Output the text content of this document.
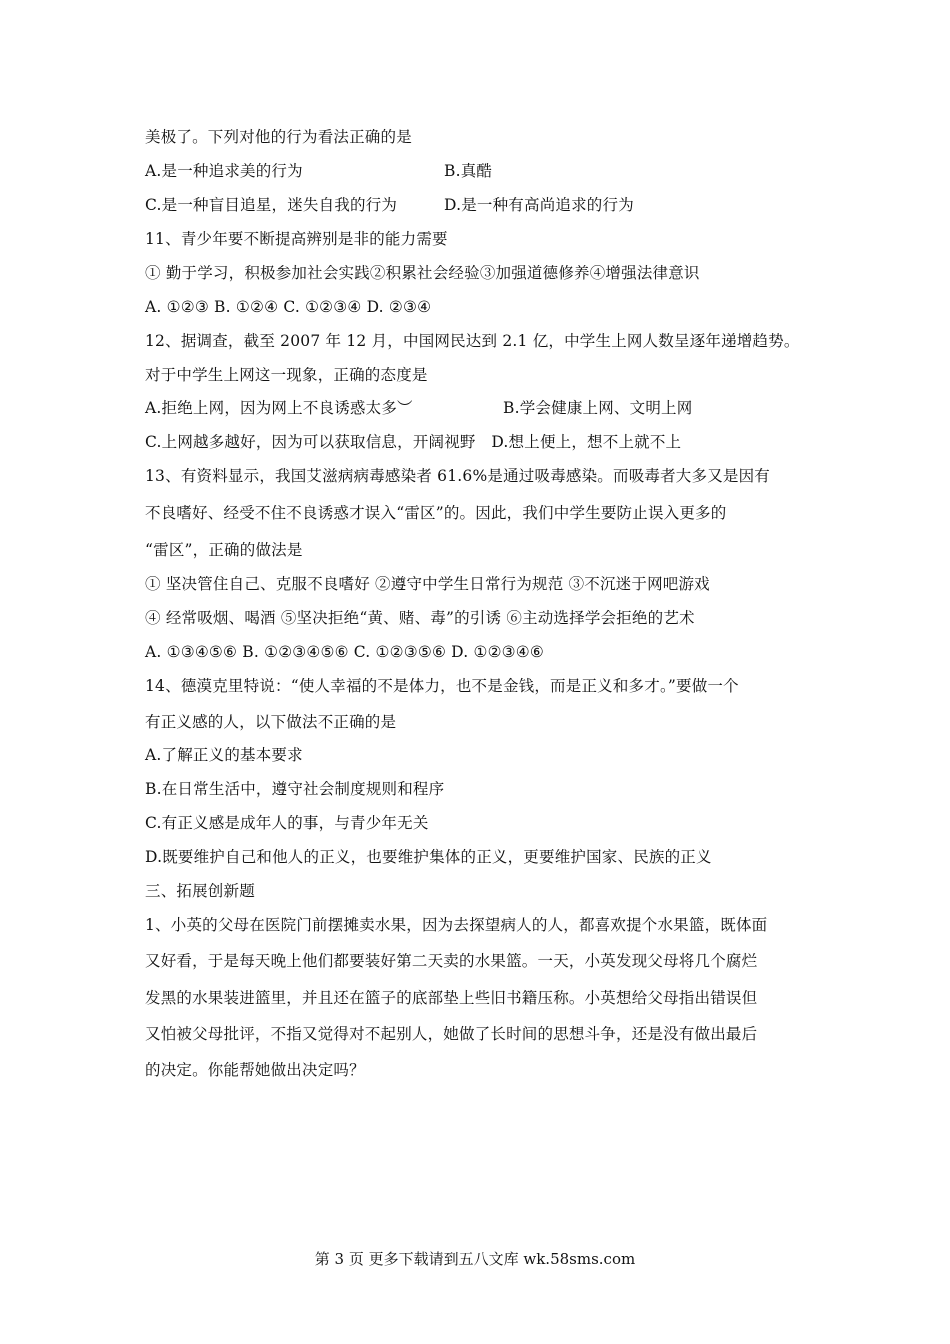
美极了。下列对他的行为看法正确的是
A.是一种追求美的行为	B.真酷
C.是一种盲目追星，迷失自我的行为	D.是一种有高尚追求的行为
11、青少年要不断提高辨别是非的能力需要
① 勤于学习，积极参加社会实践②积累社会经验③加强道德修养④增强法律意识
A. ①②③ B. ①②④ C. ①②③④ D. ②③④
12、据调查，截至 2007 年 12 月，中国网民达到 2.1 亿，中学生上网人数呈逐年递增趋势。
对于中学生上网这一现象，正确的态度是
A.拒绝上网，因为网上不良诱惑太多︶	B.学会健康上网、文明上网
C.上网越多越好，因为可以获取信息，开阔视野　D.想上便上，想不上就不上
13、有资料显示，我国艾滋病病毒感染者 61.6%是通过吸毒感染。而吸毒者大多又是因有
不良嗜好、经受不住不良诱惑才误入“雷区”的。因此，我们中学生要防止误入更多的
“雷区”，正确的做法是
① 坚决管住自己、克服不良嗜好 ②遵守中学生日常行为规范 ③不沉迷于网吧游戏
④ 经常吸烟、喝酒 ⑤坚决拒绝“黄、赌、毒”的引诱 ⑥主动选择学会拒绝的艺术
A. ①③④⑤⑥ B. ①②③④⑤⑥ C. ①②③⑤⑥ D. ①②③④⑥
14、德漠克里特说：“使人幸福的不是体力，也不是金钱，而是正义和多才。”要做一个
有正义感的人，以下做法不正确的是
A.了解正义的基本要求
B.在日常生活中，遵守社会制度规则和程序
C.有正义感是成年人的事，与青少年无关
D.既要维护自己和他人的正义，也要维护集体的正义，更要维护国家、民族的正义
三、拓展创新题
1、小英的父母在医院门前摆摊卖水果，因为去探望病人的人，都喜欢提个水果篮，既体面
又好看，于是每天晚上他们都要装好第二天卖的水果篮。一天，小英发现父母将几个腐烂
发黑的水果装进篮里，并且还在篮子的底部垫上些旧书籍压称。小英想给父母指出错误但
又怕被父母批评，不指又觉得对不起别人，她做了长时间的思想斗争，还是没有做出最后
的决定。你能帮她做出决定吗？
第 3 页 更多下载请到五八文库 wk.58sms.com
